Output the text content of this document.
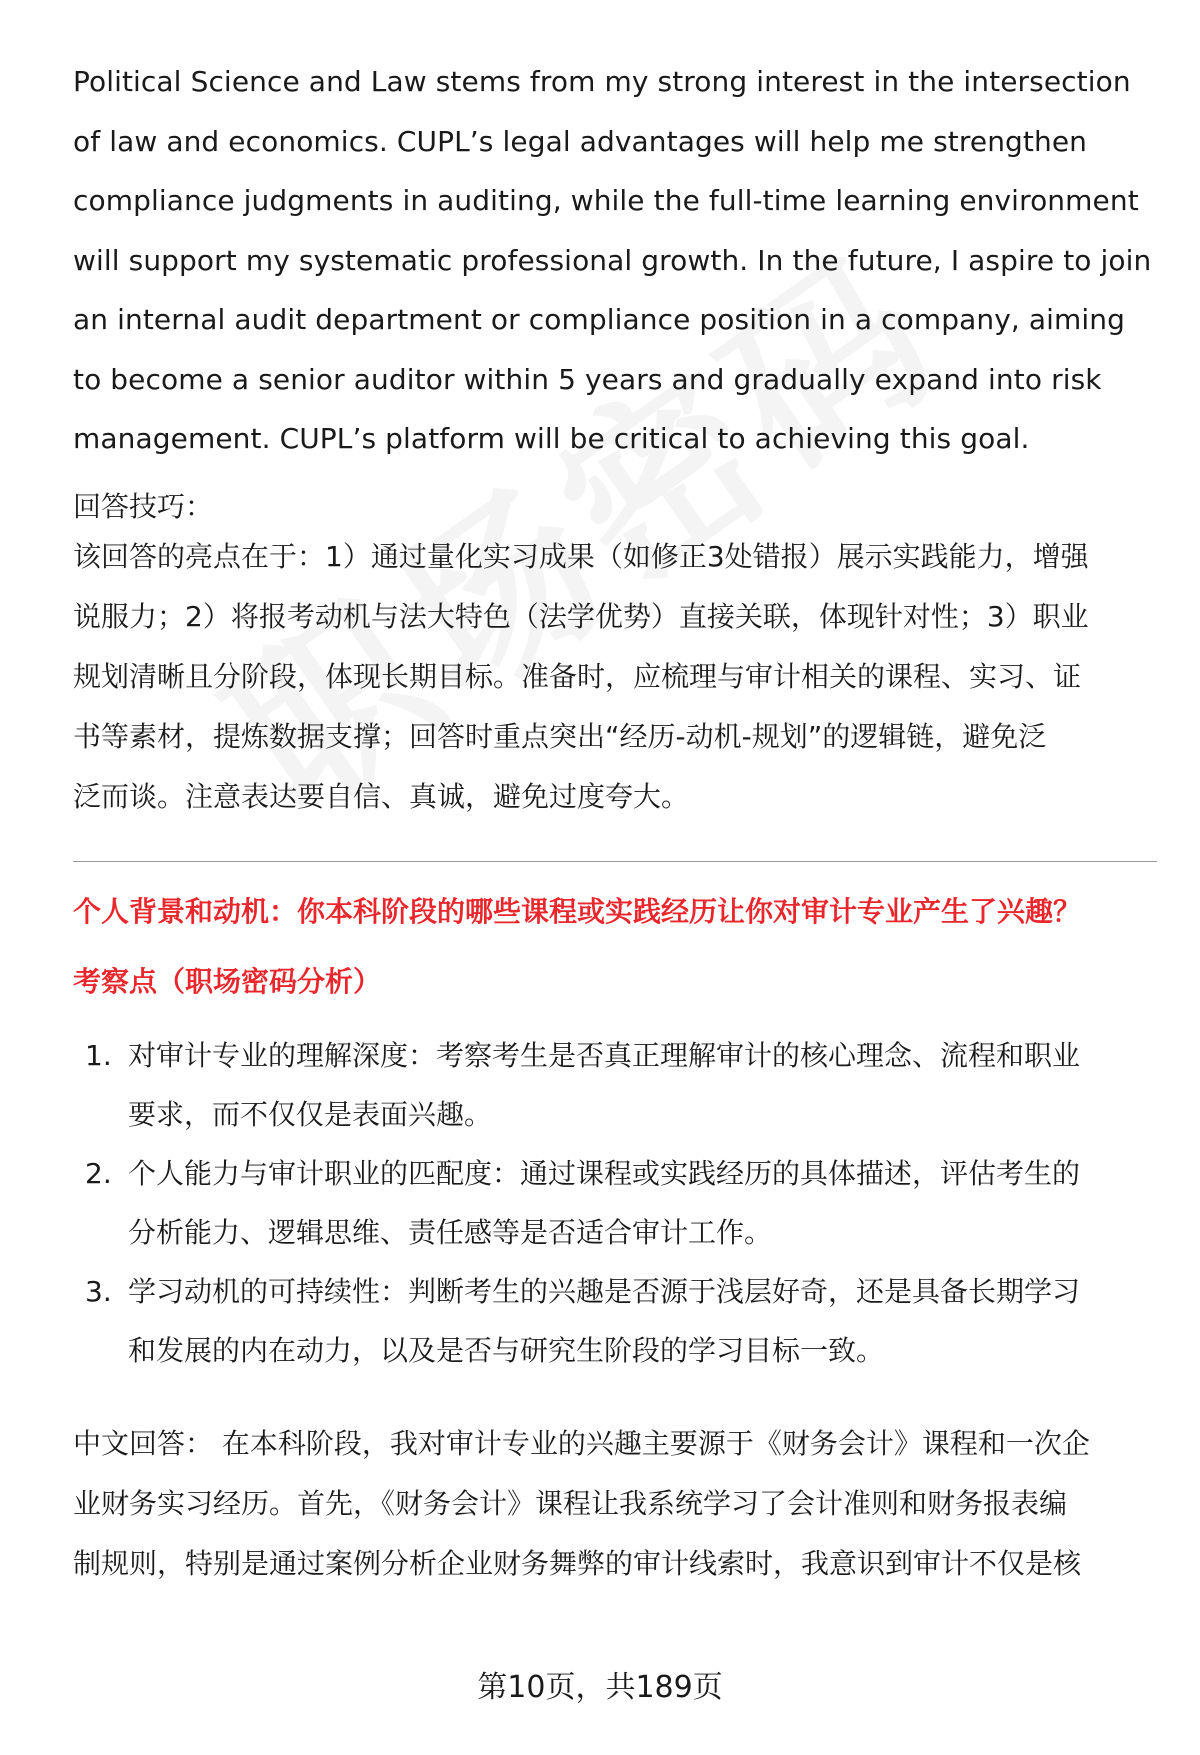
Political Science and Law stems from my strong interest in the intersection
of law and economics. CUPL’s legal advantages will help me strengthen
compliance judgments in auditing, while the full-time learning environment
will support my systematic professional growth. In the future, I aspire to join
an internal audit department or compliance position in a company, aiming
to become a senior auditor within 5 years and gradually expand into risk
management. CUPL’s platform will be critical to achieving this goal.
回答技巧：
该回答的亮点在于：1）通过量化实习成果（如修正3处错报）展示实践能力，增强
说服力；2）将报考动机与法大特色（法学优势）直接关联，体现针对性；3）职业
规划清晰且分阶段，体现长期目标。准备时，应梳理与审计相关的课程、实习、证
书等素材，提炼数据支撑；回答时重点突出“经历-动机-规划”的逻辑链，避免泛
泛而谈。注意表达要自信、真诚，避免过度夸大。
个人背景和动机：你本科阶段的哪些课程或实践经历让你对审计专业产生了兴趣？
考察点（职场密码分析）
1. 对审计专业的理解深度：考察考生是否真正理解审计的核心理念、流程和职业
要求，而不仅仅是表面兴趣。
2. 个人能力与审计职业的匹配度：通过课程或实践经历的具体描述，评估考生的
分析能力、逻辑思维、责任感等是否适合审计工作。
3. 学习动机的可持续性：判断考生的兴趣是否源于浅层好奇，还是具备长期学习
和发展的内在动力，以及是否与研究生阶段的学习目标一致。
中文回答： 在本科阶段，我对审计专业的兴趣主要源于《财务会计》课程和一次企
业财务实习经历。首先，《财务会计》课程让我系统学习了会计准则和财务报表编
制规则，特别是通过案例分析企业财务舞弊的审计线索时，我意识到审计不仅是核
第10页，共189页
